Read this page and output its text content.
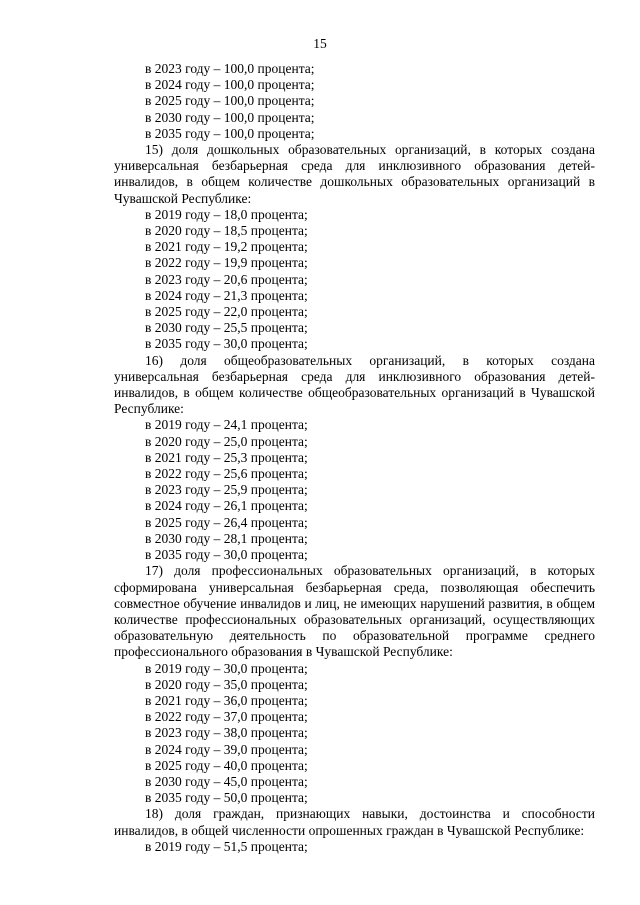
15
в 2023 году – 100,0 процента;
в 2024 году – 100,0 процента;
в 2025 году – 100,0 процента;
в 2030 году – 100,0 процента;
в 2035 году – 100,0 процента;
15) доля дошкольных образовательных организаций, в которых создана универсальная безбарьерная среда для инклюзивного образования детей-инвалидов, в общем количестве дошкольных образовательных организаций в Чувашской Республике:
в 2019 году – 18,0 процента;
в 2020 году – 18,5 процента;
в 2021 году – 19,2 процента;
в 2022 году – 19,9 процента;
в 2023 году – 20,6 процента;
в 2024 году – 21,3 процента;
в 2025 году – 22,0 процента;
в 2030 году – 25,5 процента;
в 2035 году – 30,0 процента;
16) доля общеобразовательных организаций, в которых создана универсальная безбарьерная среда для инклюзивного образования детей-инвалидов, в общем количестве общеобразовательных организаций в Чувашской Республике:
в 2019 году – 24,1 процента;
в 2020 году – 25,0 процента;
в 2021 году – 25,3 процента;
в 2022 году – 25,6 процента;
в 2023 году – 25,9 процента;
в 2024 году – 26,1 процента;
в 2025 году – 26,4 процента;
в 2030 году – 28,1 процента;
в 2035 году – 30,0 процента;
17) доля профессиональных образовательных организаций, в которых сформирована универсальная безбарьерная среда, позволяющая обеспечить совместное обучение инвалидов и лиц, не имеющих нарушений развития, в общем количестве профессиональных образовательных организаций, осуществляющих образовательную деятельность по образовательной программе среднего профессионального образования в Чувашской Республике:
в 2019 году – 30,0 процента;
в 2020 году – 35,0 процента;
в 2021 году – 36,0 процента;
в 2022 году – 37,0 процента;
в 2023 году – 38,0 процента;
в 2024 году – 39,0 процента;
в 2025 году – 40,0 процента;
в 2030 году – 45,0 процента;
в 2035 году – 50,0 процента;
18) доля граждан, признающих навыки, достоинства и способности инвалидов, в общей численности опрошенных граждан в Чувашской Республике:
в 2019 году – 51,5 процента;
